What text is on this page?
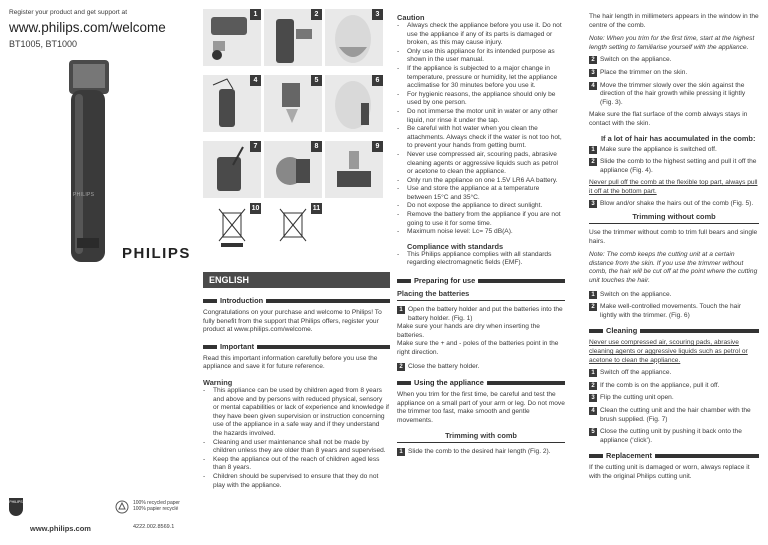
Register your product and get support at
www.philips.com/welcome
BT1005, BT1000
PHILIPS
PHILIPS
1	2	3
4	5	6
7	8	9
10	11
ENGLISH
Introduction
Congratulations on your purchase and welcome to Philips! To fully benefit from the support that Philips offers, register your product at www.philips.com/welcome.
Important
Read this important information carefully before you use the appliance and save it for future reference.
Warning
- This appliance can be used by children aged from 8 years and above and by persons with reduced physical, sensory or mental capabilities or lack of experience and knowledge if they have been given supervision or instruction concerning use of the appliance in a safe way and if they understand the hazards involved.
- Cleaning and user maintenance shall not be made by children unless they are older than 8 years and supervised.
- Keep the appliance out of the reach of children aged less than 8 years.
- Children should be supervised to ensure that they do not play with the appliance.
PHILIPS
www.philips.com
100% recycled paper
100% papier recyclé
4222.002.8569.1
Caution
- Always check the appliance before you use it. Do not use the appliance if any of its parts is damaged or broken, as this may cause injury.
- Only use this appliance for its intended purpose as shown in the user manual.
- If the appliance is subjected to a major change in temperature, pressure or humidity, let the appliance acclimatise for 30 minutes before you use it.
- For hygienic reasons, the appliance should only be used by one person.
- Do not immerse the motor unit in water or any other liquid, nor rinse it under the tap.
- Be careful with hot water when you clean the attachments. Always check if the water is not too hot, to prevent your hands from getting burnt.
- Never use compressed air, scouring pads, abrasive cleaning agents or aggressive liquids such as petrol or acetone to clean the appliance.
- Only run the appliance on one 1.5V LR6 AA battery.
- Use and store the appliance at a temperature between 15°C and 35°C.
- Do not expose the appliance to direct sunlight.
- Remove the battery from the appliance if you are not going to use it for some time.
- Maximum noise level: Lc= 75 dB(A).
Compliance with standards
- This Philips appliance complies with all standards regarding electromagnetic fields (EMF).
Preparing for use
Placing the batteries
1 Open the battery holder and put the batteries into the battery holder. (Fig. 1)
Make sure your hands are dry when inserting the batteries.
Make sure the + and - poles of the batteries point in the right direction.
2 Close the battery holder.
Using the appliance
When you trim for the first time, be careful and test the appliance on a small part of your arm or leg. Do not move the trimmer too fast, make smooth and gentle movements.
Trimming with comb
1 Slide the comb to the desired hair length (Fig. 2).
The hair length in millimeters appears in the window in the centre of the comb.
Note: When you trim for the first time, start at the highest length setting to familiarise yourself with the appliance.
2 Switch on the appliance.
3 Place the trimmer on the skin.
4 Move the trimmer slowly over the skin against the direction of the hair growth while pressing it lightly (Fig. 3).
Make sure the flat surface of the comb always stays in contact with the skin.
If a lot of hair has accumulated in the comb:
1 Make sure the appliance is switched off.
2 Slide the comb to the highest setting and pull it off the appliance (Fig. 4).
Never pull off the comb at the flexible top part, always pull it off at the bottom part.
3 Blow and/or shake the hairs out of the comb (Fig. 5).
Trimming without comb
Use the trimmer without comb to trim full bears and single hairs.
Note: The comb keeps the cutting unit at a certain distance from the skin. If you use the trimmer without comb, the hair will be cut off at the point where the cutting unit touches the hair.
1 Switch on the appliance.
2 Make well-controlled movements. Touch the hair lightly with the trimmer. (Fig. 6)
Cleaning
Never use compressed air, scouring pads, abrasive cleaning agents or aggressive liquids such as petrol or acetone to clean the appliance.
1 Switch off the appliance.
2 If the comb is on the appliance, pull it off.
3 Flip the cutting unit open.
4 Clean the cutting unit and the hair chamber with the brush supplied. (Fig. 7)
5 Close the cutting unit by pushing it back onto the appliance (‘click’).
Replacement
If the cutting unit is damaged or worn, always replace it with the original Philips cutting unit.
